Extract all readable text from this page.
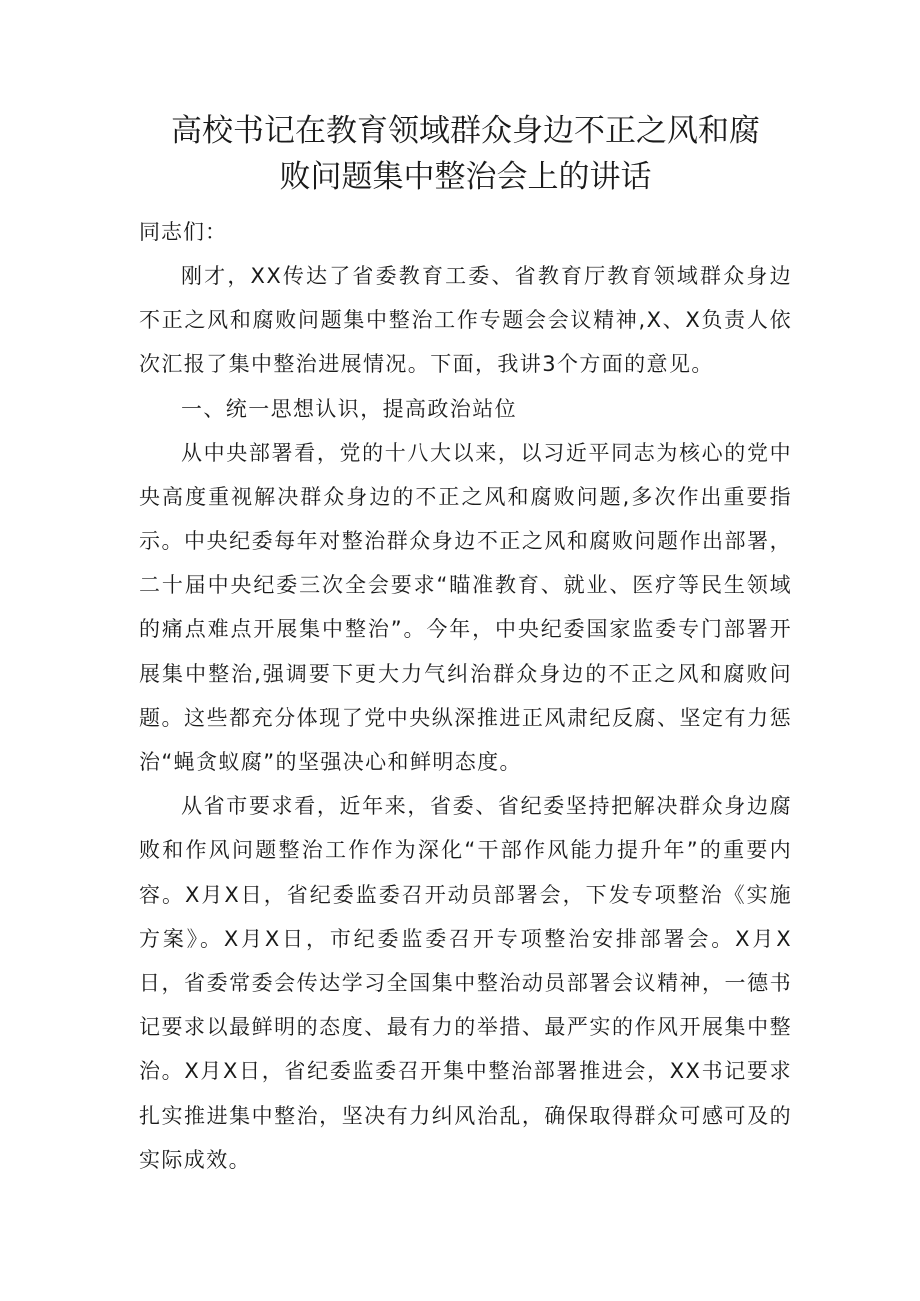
高校书记在教育领域群众身边不正之风和腐
败问题集中整治会上的讲话

同志们：

刚才，XX传达了省委教育工委、省教育厅教育领域群众身边不正之风和腐败问题集中整治工作专题会会议精神,X、X负责人依次汇报了集中整治进展情况。下面，我讲3个方面的意见。

一、统一思想认识，提高政治站位

从中央部署看，党的十八大以来，以习近平同志为核心的党中央高度重视解决群众身边的不正之风和腐败问题,多次作出重要指示。中央纪委每年对整治群众身边不正之风和腐败问题作出部署，二十届中央纪委三次全会要求“瞄准教育、就业、医疗等民生领域的痛点难点开展集中整治”。今年，中央纪委国家监委专门部署开展集中整治,强调要下更大力气纠治群众身边的不正之风和腐败问题。这些都充分体现了党中央纵深推进正风肃纪反腐、坚定有力惩治“蝇贪蚁腐”的坚强决心和鲜明态度。

从省市要求看，近年来，省委、省纪委坚持把解决群众身边腐败和作风问题整治工作作为深化“干部作风能力提升年”的重要内容。X月X日，省纪委监委召开动员部署会，下发专项整治《实施方案》。X月X日，市纪委监委召开专项整治安排部署会。X月X日，省委常委会传达学习全国集中整治动员部署会议精神，一德书记要求以最鲜明的态度、最有力的举措、最严实的作风开展集中整治。X月X日，省纪委监委召开集中整治部署推进会，XX书记要求扎实推进集中整治，坚决有力纠风治乱，确保取得群众可感可及的实际成效。
